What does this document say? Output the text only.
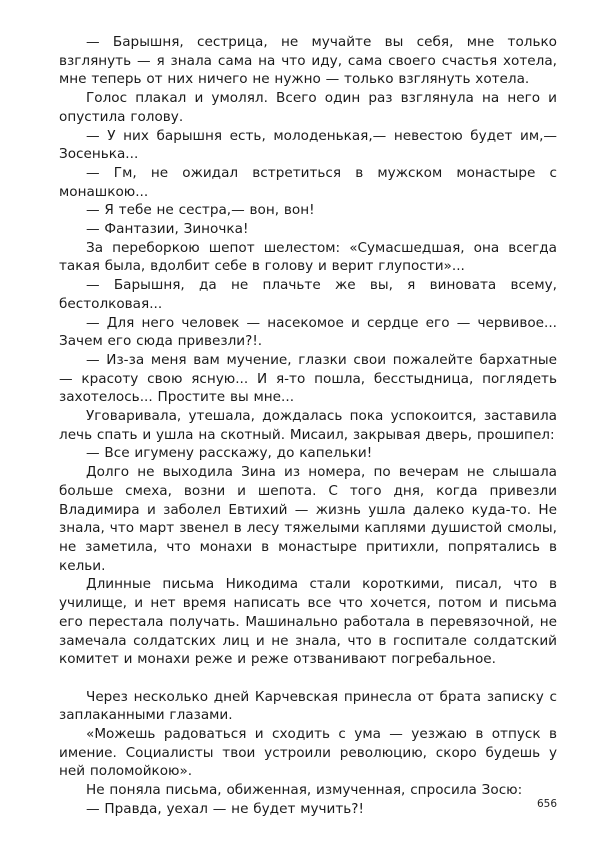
— Барышня, сестрица, не мучайте вы себя, мне только взглянуть — я знала сама на что иду, сама своего счастья хотела, мне теперь от них ничего не нужно — только взглянуть хотела.

Голос плакал и умолял. Всего один раз взглянула на него и опустила голову.

— У них барышня есть, молоденькая,— невестою будет им,— Зосенька...

— Гм, не ожидал встретиться в мужском монастыре с монашкою...

— Я тебе не сестра,— вон, вон!

— Фантазии, Зиночка!

За переборкою шепот шелестом: «Сумасшедшая, она всегда такая была, вдолбит себе в голову и верит глупости»...

— Барышня, да не плачьте же вы, я виновата всему, бестолковая...

— Для него человек — насекомое и сердце его — червивое... Зачем его сюда привезли?!.

— Из-за меня вам мучение, глазки свои пожалейте бархатные — красоту свою ясную... И я-то пошла, бесстыдница, поглядеть захотелось... Простите вы мне...

Уговаривала, утешала, дождалась пока успокоится, заставила лечь спать и ушла на скотный. Мисаил, закрывая дверь, прошипел:

— Все игумену расскажу, до капельки!

Долго не выходила Зина из номера, по вечерам не слышала больше смеха, возни и шепота. С того дня, когда привезли Владимира и заболел Евтихий — жизнь ушла далеко куда-то. Не знала, что март звенел в лесу тяжелыми каплями душистой смолы, не заметила, что монахи в монастыре притихли, попрятались в кельи.

Длинные письма Никодима стали короткими, писал, что в училище, и нет время написать все что хочется, потом и письма его перестала получать. Машинально работала в перевязочной, не замечала солдатских лиц и не знала, что в госпитале солдатский комитет и монахи реже и реже отзванивают погребальное.

Через несколько дней Карчевская принесла от брата записку с заплаканными глазами.

«Можешь радоваться и сходить с ума — уезжаю в отпуск в имение. Социалисты твои устроили революцию, скоро будешь у ней поломойкою».

Не поняла письма, обиженная, измученная, спросила Зосю:

— Правда, уехал — не будет мучить?!	656
